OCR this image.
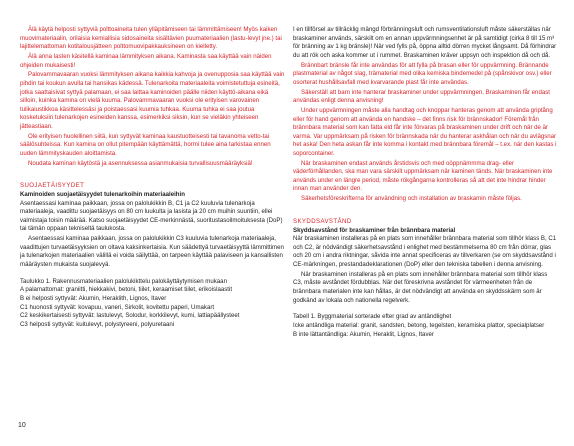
Älä käytä helposti syttyviä polttoaineita tulen ylläpitämiseen tai lämmittämiseen! Myös kaiken muovimateriaalin, orilaisia kemiallisia sidosaineita sisältävien puumateriaalien (lastu-levyt jne.) tai lajittelemattoman kotitalousjätteen polttomuovipakkauksineen on kielletty.

Älä anna lasten käsitellä kaminaa lämmityksen aikana. Kaminasta saa käyttää vain näiden ohjeiden mukaisesti!

Palovammavaaran vuoksi lämmityksen aikana kaikkia kahvoja ja ovenupposia saa käyttää vain pihdin tai koukun avulla tai hansikas kädessä. Tulenarkoita materiaaleita voimistetuttuja esineitä, jotka saattaisivat syttyä palamaan, ei saa laittaa kaminoiden päälle niiden käyttö-aikana eikä silloin, kuinka kamina on vielä kuuma. Palovammavaaran vuoksi ole erityisen varovainen tulikaiustikkoa käsittelessäsi ja poistaessasi kuumia tuhkaa. Kuuma tuhka ei saa joutua kosketuksiin tulenarkojen esineiden kanssa, esimerkiksi siksin, kun se vieläkin yhteiseen jätteastiaan.

Ole erityisen huolellinen siitä, kun syttyvät kaminaa kaustuotteisesti tai tavanoma vetto-tai säälösuhteissa. Kun kamina on ollut pitempään käyttämättä, hormi tulee aina tarkistaa ennen uuden lämmityskauden aloittamista.

Noudata kaminan käytöstä ja asennuksessa asianmukaisia turvallisuusmääräyksiä!

SUOJAETÄISYYDET
Kaminoiden suojaetäisyydet tulenarkoihin materiaaleihin

Asentaessasi kaminaa paikkaan, jossa on palolukikkin B, C1 ja C2 kuuluvia tulenarkoja materiaaleja, vaadittu suojaetäisyys on 80 cm luukulta ja lasista ja 20 cm muihin suuntiin, ellei valmistaja toisin määrää. Katso suojaetäisyydet CE-merkinnästä, suoritustasoilmoituksesta (DoP) tai tämän oppaan tekniseltä taulukosta.

Asentaessasi kaminaa paikkaan, jossa on palolukikkin C3 kuuluvia tulenarkoja materiaaleja, vaadittujen turvaetäisyyksien on oltava kaksinkertaisia. Kun säädettyä turvaetäisyyttä lämmittimen ja tulenarkojen materiaalien välillä ei voida säilyttää, on tarpeen käyttää palaviseen ja kansallisten määräysten mukaista suojalevyä.

Taulukko 1. Rakennusmateriaalien palolukikttelu palokäyttäytymisen mukaan

A palamattomat: graniitti, hiekkakivi, betoni, tiilet, keraamiset tiilet, erikoislaastit

B ei helposti syttyvät: Akumin, Heraklith, Lignos, Itaver

C1 huonosti syttyvät: kovapuu, vaneri, Sirkolit, kovitettu paperi, Umakart

C2 keskikertaisesti syttyvät: lastulevyt, Solodur, korkkilevyt, kumi, lattiapäällysteet

C3 helposti syttyvät: kuitulevyt, polystyreeni, polyuretaani

I en tillförsel av tillräcklig mängd förbränningsluft och rumsventilationsluft måste säkerställas när braskaminer används, särskilt om en annan uppvärmningsenhet är på samtidigt (cirka 8 till 15 m³ för bränning av 1 kg bränsle)! När ved fylls på, öppna alltid dörren mycket långsamt. Då förhindrar du att rök och aska kommer ut i rummet. Braskaminen kräver uppsyn och inspektion då och då.

Brännbart bränsle får inte användas för att fylla på brasan eller för uppvärmning. Brännande plastmaterial av något slag, trämaterial med olika kemiska bindemedel på (spånskivor osv.) eller osorterat hushållsavfall med kvarvarande plast får inte användas.

Säkerställ att barn inte hanterar braskaminer under uppvärmningen. Braskaminen får endast användas enligt denna anvisning!

Under uppvärmningen måste alla handtag och knoppar hanteras genom att använda griptång eller för hand genom att använda en handske – det finns risk för brännskador! Föremål från brännbara material som kan fatta eld får inte förvaras på braskaminen under drift och när de är varma. Var uppmärksam på risken för brännskada när du hanterar askhålan och när du avlägsnar het aska! Den heta askan får inte komma i kontakt med brännbara föremål – t.ex. när den kastas i soporcontainer.

När braskaminen endast används årstidsvis och med oöppnämmma drag- eller väderförhållanden, ska man vara särskilt uppmärksam när kaminen tänds. När braskaminen inte används under en längre period, måste rökgångarna kontrolleras så att det inte hindrar hinder innan man använder den.

Säkerhetsföreskrifterna för användning och installation av braskamin måste följas.

SKYDDSAVSTÅND
Skyddsavstånd för braskaminer från brännbara material

När braskaminen installeras på en plats som innehåller brännbara material som tillhör klass B, C1 och C2, är nödvändigt säkerhetsavstånd i enlighet med bestämmelserna 80 cm från dörrar, glas och 20 cm i andra riktningar, såvida inte annat specificeras av tillverkaren (se om skyddsavstånd i CE-märkningen, prestandadeklarationen (DoP) eller den tekniska tabellen i denna anvisning.

När braskaminen installeras på en plats som innehåller brännbara material som tillhör klass C3, måste avståndet fördubblas. När det föreskrivna avståndet för värmeenheten från de brännbara materialen inte kan hållas, är det nödvändigt att använda en skyddsskärm som är godkänd av lokala och nationella regelverk.

Tabell 1. Byggmaterial sorterade efter grad av antändlighet

Icke antändliga material: granit, sandsten, betong, tegelsten, keramiska plattor, specialplatser

B inte lättantändliga: Akumin, Heraklit, Lignos, Itaver

10
